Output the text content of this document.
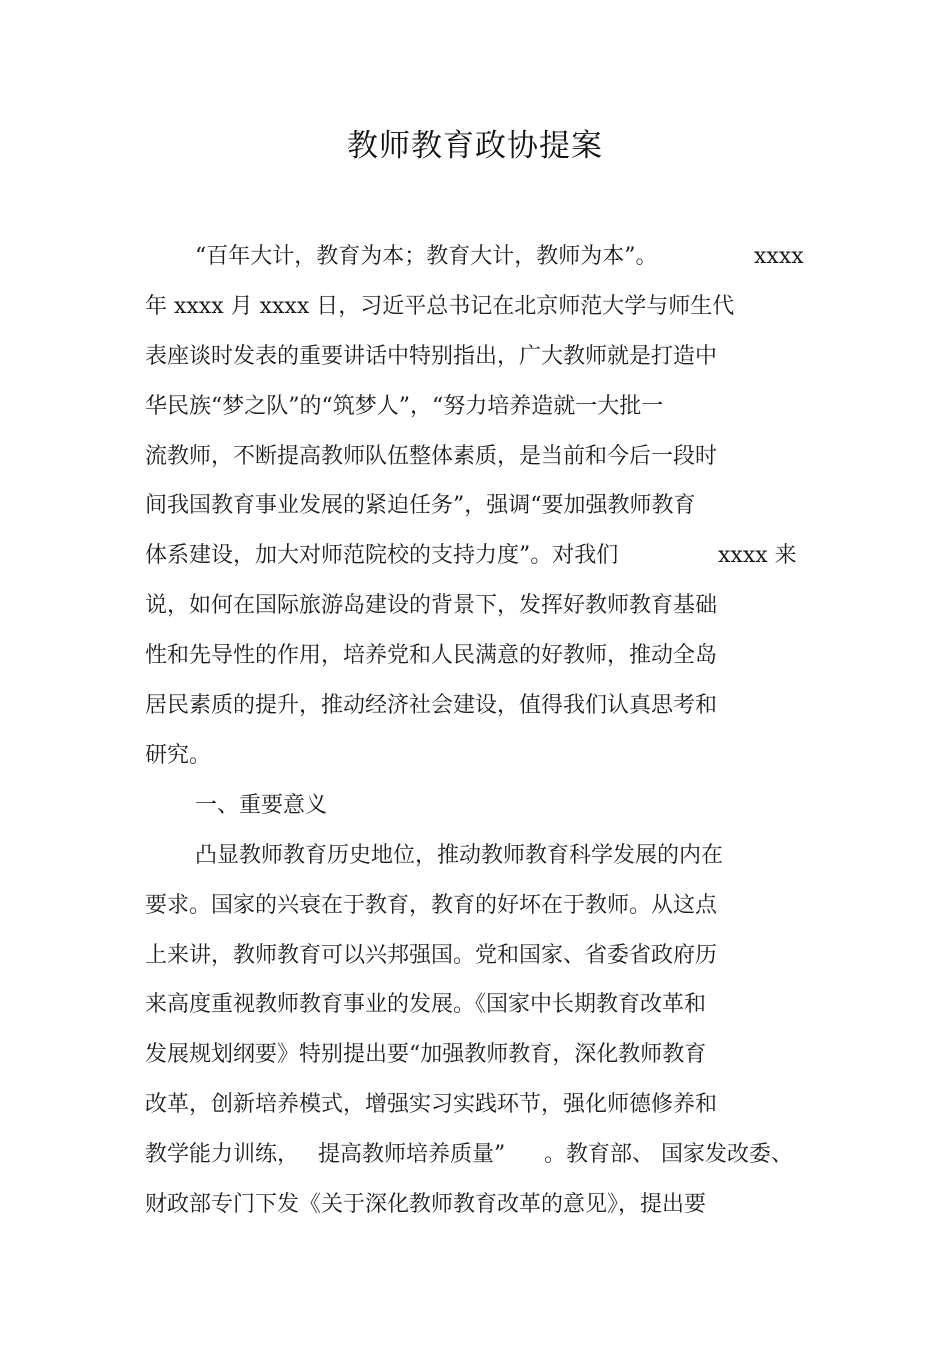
教师教育政协提案
“百年大计，教育为本；教育大计，教师为本”。	xxxx
年 xxxx 月 xxxx 日，习近平总书记在北京师范大学与师生代
表座谈时发表的重要讲话中特别指出，广大教师就是打造中
华民族“梦之队”的“筑梦人”，“努力培养造就一大批一
流教师，不断提高教师队伍整体素质，是当前和今后一段时
间我国教育事业发展的紧迫任务”，强调“要加强教师教育
体系建设，加大对师范院校的支持力度”。对我们	xxxx 来
说，如何在国际旅游岛建设的背景下，发挥好教师教育基础
性和先导性的作用，培养党和人民满意的好教师，推动全岛
居民素质的提升，推动经济社会建设，值得我们认真思考和
研究。
一、重要意义
凸显教师教育历史地位，推动教师教育科学发展的内在
要求。国家的兴衰在于教育，教育的好坏在于教师。从这点
上来讲，教师教育可以兴邦强国。党和国家、省委省政府历
来高度重视教师教育事业的发展。《国家中长期教育改革和
发展规划纲要》特别提出要“加强教师教育，深化教师教育
改革，创新培养模式，增强实习实践环节，强化师德修养和
教学能力训练， 提高教师培养质量” 。教育部、 国家发改委、
财政部专门下发《关于深化教师教育改革的意见》，提出要
